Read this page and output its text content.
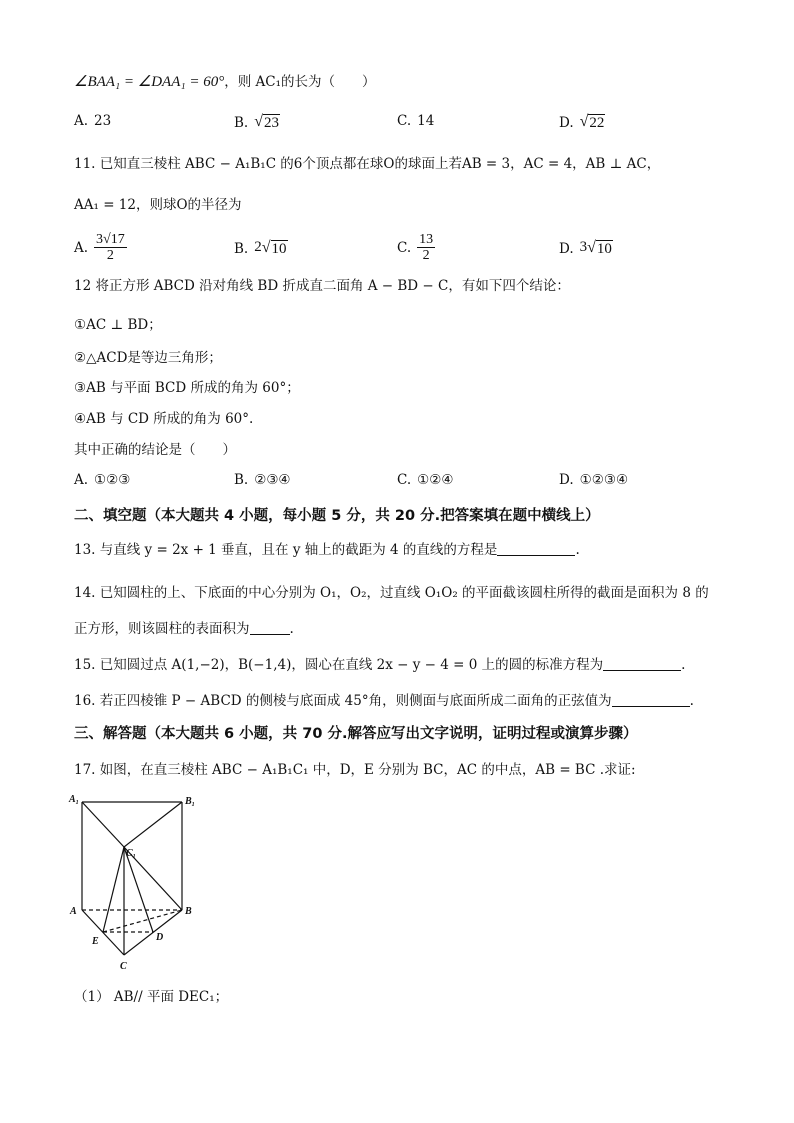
∠BAA₁ = ∠DAA₁ = 60°，则 AC₁的长为（　　）
A. 23	B. √ 23	C. 14	D. √ 22
11. 已知直三棱柱 ABC − A₁B₁C 的6个顶点都在球O的球面上若AB = 3，AC = 4，AB ⊥ AC，
AA₁ = 12，则球O的半径为
A. $\frac{3√17}{2}$	B. 2 √ 10	C. $\frac{13}{2}$	D. 3 √ 10
12 将正方形 ABCD 沿对角线 BD 折成直二面角 A − BD − C，有如下四个结论：
①AC ⊥ BD；
②△ACD是等边三角形；
③AB 与平面 BCD 所成的角为 60°；
④AB 与 CD 所成的角为 60°.
其中正确的结论是（　　）
A. ①②③	B. ②③④	C. ①②④	D. ①②③④
二、填空题（本大题共 4 小题，每小题 5 分，共 20 分.把答案填在题中横线上）
13. 与直线 y = 2x + 1 垂直，且在 y 轴上的截距为 4 的直线的方程是	.
14. 已知圆柱的上、下底面的中心分别为 O₁，O₂，过直线 O₁O₂ 的平面截该圆柱所得的截面是面积为 8 的
正方形，则该圆柱的表面积为	.
15. 已知圆过点 A(1,−2)，B(−1,4)，圆心在直线 2x − y − 4 = 0 上的圆的标准方程为	.
16. 若正四棱锥 P − ABCD 的侧棱与底面成 45°角，则侧面与底面所成二面角的正弦值为	.
三、解答题（本大题共 6 小题，共 70 分.解答应写出文字说明，证明过程或演算步骤）
17. 如图，在直三棱柱 ABC − A₁B₁C₁ 中，D，E 分别为 BC，AC 的中点，AB = BC .求证:
$A_1$	$B_1$
$C_1$
A	B
E	D
C
（1） AB// 平面 DEC₁；
